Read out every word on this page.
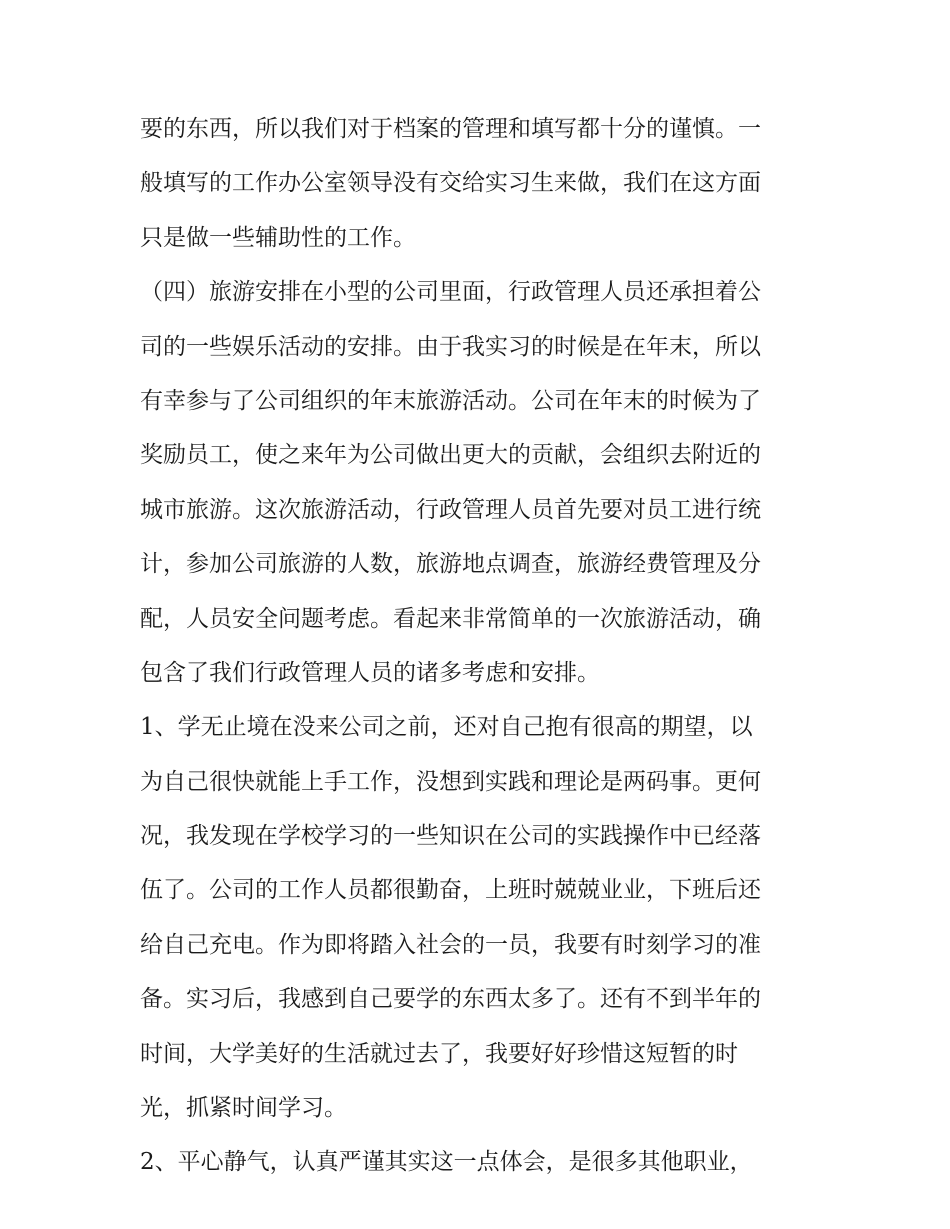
要的东西，所以我们对于档案的管理和填写都十分的谨慎。一
般填写的工作办公室领导没有交给实习生来做，我们在这方面
只是做一些辅助性的工作。
（四）旅游安排在小型的公司里面，行政管理人员还承担着公
司的一些娱乐活动的安排。由于我实习的时候是在年末，所以
有幸参与了公司组织的年末旅游活动。公司在年末的时候为了
奖励员工，使之来年为公司做出更大的贡献，会组织去附近的
城市旅游。这次旅游活动，行政管理人员首先要对员工进行统
计，参加公司旅游的人数，旅游地点调查，旅游经费管理及分
配，人员安全问题考虑。看起来非常简单的一次旅游活动，确
包含了我们行政管理人员的诸多考虑和安排。
1、学无止境在没来公司之前，还对自己抱有很高的期望，以
为自己很快就能上手工作，没想到实践和理论是两码事。更何
况，我发现在学校学习的一些知识在公司的实践操作中已经落
伍了。公司的工作人员都很勤奋，上班时兢兢业业，下班后还
给自己充电。作为即将踏入社会的一员，我要有时刻学习的准
备。实习后，我感到自己要学的东西太多了。还有不到半年的
时间，大学美好的生活就过去了，我要好好珍惜这短暂的时
光，抓紧时间学习。
2、平心静气，认真严谨其实这一点体会，是很多其他职业，
